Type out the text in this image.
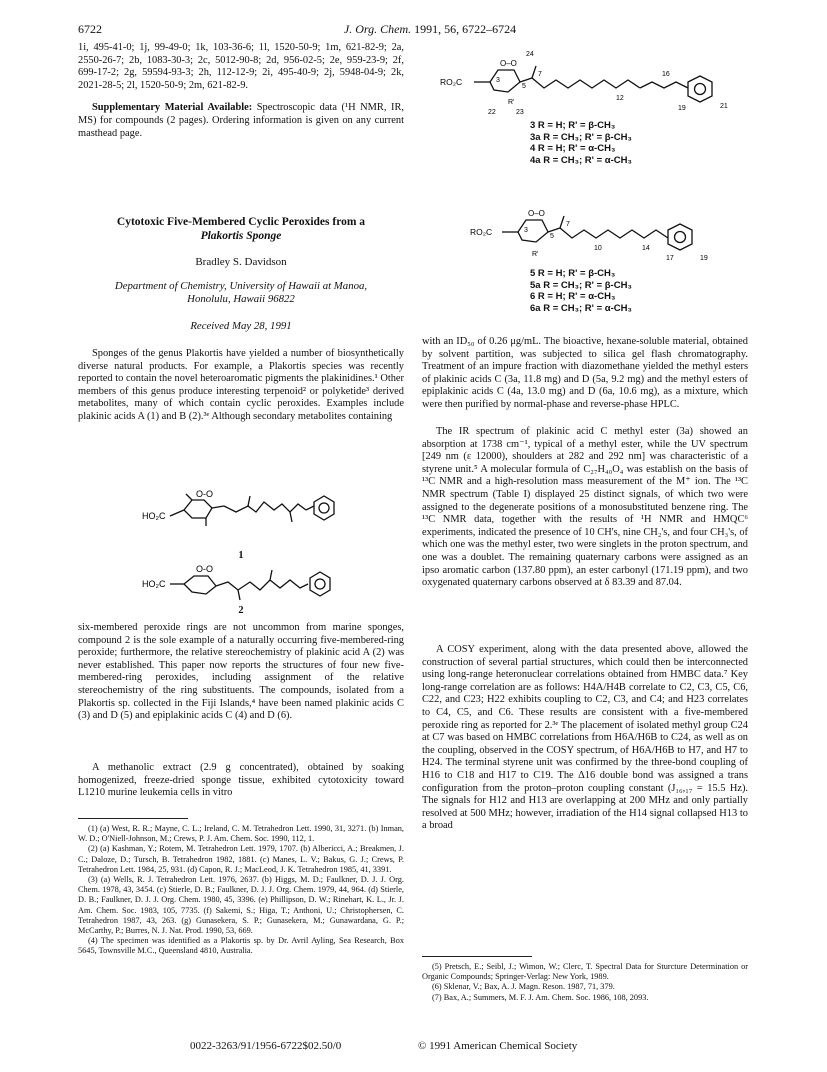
6722	J. Org. Chem. 1991, 56, 6722–6724

1i, 495-41-0; 1j, 99-49-0; 1k, 103-36-6; 1l, 1520-50-9; 1m, 621-82-9; 2a, 2550-26-7; 2b, 1083-30-3; 2c, 5012-90-8; 2d, 956-02-5; 2e, 959-23-9; 2f, 699-17-2; 2g, 59594-93-3; 2h, 112-12-9; 2i, 495-40-9; 2j, 5948-04-9; 2k, 2021-28-5; 2l, 1520-50-9; 2m, 621-82-9.

Supplementary Material Available: Spectroscopic data (¹H NMR, IR, MS) for compounds (2 pages). Ordering information is given on any current masthead page.

Cytotoxic Five-Membered Cyclic Peroxides from a
Plakortis Sponge
Bradley S. Davidson
Department of Chemistry, University of Hawaii at Manoa,
Honolulu, Hawaii 96822
Received May 28, 1991

Sponges of the genus Plakortis have yielded a number of biosynthetically diverse natural products. For example, a Plakortis species was recently reported to contain the novel heteroaromatic pigments the plakinidines.¹ Other members of this genus produce interesting terpenoid² or polyketide³ derived metabolites, many of which contain cyclic peroxides. Examples include plakinic acids A (1) and B (2).³ᵉ Although secondary metabolites containing

HO₂C
O-O
1
HO₂C
O-O
2

six-membered peroxide rings are not uncommon from marine sponges, compound 2 is the sole example of a naturally occurring five-membered-ring peroxide; furthermore, the relative stereochemistry of plakinic acid A (2) was never established. This paper now reports the structures of four new five-membered-ring peroxides, including assignment of the relative stereochemistry of the ring substituents. The compounds, isolated from a Plakortis sp. collected in the Fiji Islands,⁴ have been named plakinic acids C (3) and D (5) and epiplakinic acids C (4) and D (6).

A methanolic extract (2.9 g concentrated), obtained by soaking homogenized, freeze-dried sponge tissue, exhibited cytotoxicity toward L1210 murine leukemia cells in vitro

(1) (a) West, R. R.; Mayne, C. L.; Ireland, C. M. Tetrahedron Lett. 1990, 31, 3271. (b) Inman, W. D.; O'Niell-Johnson, M.; Crews, P. J. Am. Chem. Soc. 1990, 112, 1.

(2) (a) Kashman, Y.; Rotem, M. Tetrahedron Lett. 1979, 1707. (b) Albericci, A.; Breakmen, J. C.; Daloze, D.; Tursch, B. Tetrahedron 1982, 1881. (c) Manes, L. V.; Bakus, G. J.; Crews, P. Tetrahedron Lett. 1984, 25, 931. (d) Capon, R. J.; MacLeod, J. K. Tetrahedron 1985, 41, 3391.

(3) (a) Wells, R. J. Tetrahedron Lett. 1976, 2637. (b) Higgs, M. D.; Faulkner, D. J. J. Org. Chem. 1978, 43, 3454. (c) Stierle, D. B.; Faulkner, D. J. J. Org. Chem. 1979, 44, 964. (d) Stierle, D. B.; Faulkner, D. J. J. Org. Chem. 1980, 45, 3396. (e) Phillipson, D. W.; Rinehart, K. L., Jr. J. Am. Chem. Soc. 1983, 105, 7735. (f) Sakemi, S.; Higa, T.; Anthoni, U.; Christophersen, C. Tetrahedron 1987, 43, 263. (g) Gunasekera, S. P.; Gunasekera, M.; Gunawardana, G. P.; McCarthy, P.; Burres, N. J. Nat. Prod. 1990, 53, 669.

(4) The specimen was identified as a Plakortis sp. by Dr. Avril Ayling, Sea Research, Box 5645, Townsville M.C., Queensland 4810, Australia.

RO₂C
O–O
24
7
5
3
R'
22	23
12
16
19	21
3 R = H; R' = β-CH₃
3a R = CH₃; R' = β-CH₃
4 R = H; R' = α-CH₃
4a R = CH₃; R' = α-CH₃
RO₂C
O–O
7
5
3
R'
10	14
17	19
5 R = H; R' = β-CH₃
5a R = CH₃; R' = β-CH₃
6 R = H; R' = α-CH₃
6a R = CH₃; R' = α-CH₃

with an ID₅₀ of 0.26 μg/mL. The bioactive, hexane-soluble material, obtained by solvent partition, was subjected to silica gel flash chromatography. Treatment of an impure fraction with diazomethane yielded the methyl esters of plakinic acids C (3a, 11.8 mg) and D (5a, 9.2 mg) and the methyl esters of epiplakinic acids C (4a, 13.0 mg) and D (6a, 10.6 mg), as a mixture, which were then purified by normal-phase and reverse-phase HPLC.

The IR spectrum of plakinic acid C methyl ester (3a) showed an absorption at 1738 cm⁻¹, typical of a methyl ester, while the UV spectrum [249 nm (ε 12000), shoulders at 282 and 292 nm] was characteristic of a styrene unit.⁵ A molecular formula of C₂₇H₄₀O₄ was establish on the basis of ¹³C NMR and a high-resolution mass measurement of the M⁺ ion. The ¹³C NMR spectrum (Table I) displayed 25 distinct signals, of which two were assigned to the degenerate positions of a monosubstituted benzene ring. The ¹³C NMR data, together with the results of ¹H NMR and HMQC⁶ experiments, indicated the presence of 10 CH's, nine CH₂'s, and four CH₃'s, of which one was the methyl ester, two were singlets in the proton spectrum, and one was a doublet. The remaining quaternary carbons were assigned as an ipso aromatic carbon (137.80 ppm), an ester carbonyl (171.19 ppm), and two oxygenated quaternary carbons observed at δ 83.39 and 87.04.

A COSY experiment, along with the data presented above, allowed the construction of several partial structures, which could then be interconnected using long-range heteronuclear correlations obtained from HMBC data.⁷ Key long-range correlation are as follows: H4A/H4B correlate to C2, C3, C5, C6, C22, and C23; H22 exhibits coupling to C2, C3, and C4; and H23 correlates to C4, C5, and C6. These results are consistent with a five-membered peroxide ring as reported for 2.³ᵉ The placement of isolated methyl group C24 at C7 was based on HMBC correlations from H6A/H6B to C24, as well as on the coupling, observed in the COSY spectrum, of H6A/H6B to H7, and H7 to H24. The terminal styrene unit was confirmed by the three-bond coupling of H16 to C18 and H17 to C19. The Δ16 double bond was assigned a trans configuration from the proton–proton coupling constant (J₁₆,₁₇ = 15.5 Hz). The signals for H12 and H13 are overlapping at 200 MHz and only partially resolved at 500 MHz; however, irradiation of the H14 signal collapsed H13 to a broad

(5) Pretsch, E.; Seibl, J.; Wimon, W.; Clerc, T. Spectral Data for Sturcture Determination or Organic Compounds; Springer-Verlag: New York, 1989.

(6) Sklenar, V.; Bax, A. J. Magn. Reson. 1987, 71, 379.

(7) Bax, A.; Summers, M. F. J. Am. Chem. Soc. 1986, 108, 2093.

0022-3263/91/1956-6722$02.50/0	© 1991 American Chemical Society
